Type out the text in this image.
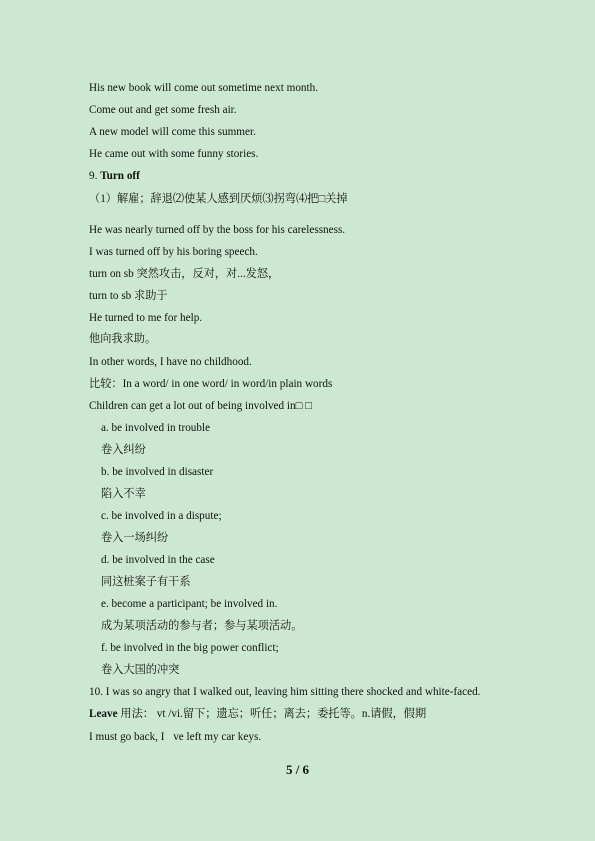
His new book will come out sometime next month.
Come out and get some fresh air.
A new model will come this summer.
He came out with some funny stories.
9. Turn off
（1）解雇；辞退⑵使某人感到厌烦⑶拐弯⑷把□关掉
He was nearly turned off by the boss for his carelessness.
I was turned off by his boring speech.
turn on sb 突然攻击，反对，对...发怒，
turn to sb 求助于
He turned to me for help.
他向我求助。
In other words, I have no childhood.
比较：In a word/ in one word/ in word/in plain words
Children can get a lot out of being involved in□ □
a. be involved in trouble
卷入纠纷
b. be involved in disaster
陷入不幸
c. be involved in a dispute;
卷入一场纠纷
d. be involved in the case
同这桩案子有干系
e. become a participant; be involved in.
成为某项活动的参与者；参与某项活动。
f. be involved in the big power conflict;
卷入大国的冲突
10. I was so angry that I walked out, leaving him sitting there shocked and white-faced.
Leave 用法： vt /vi.留下；遗忘；听任；离去；委托等。n.请假，假期
I must go back, I ve left my car keys.
5 / 6
